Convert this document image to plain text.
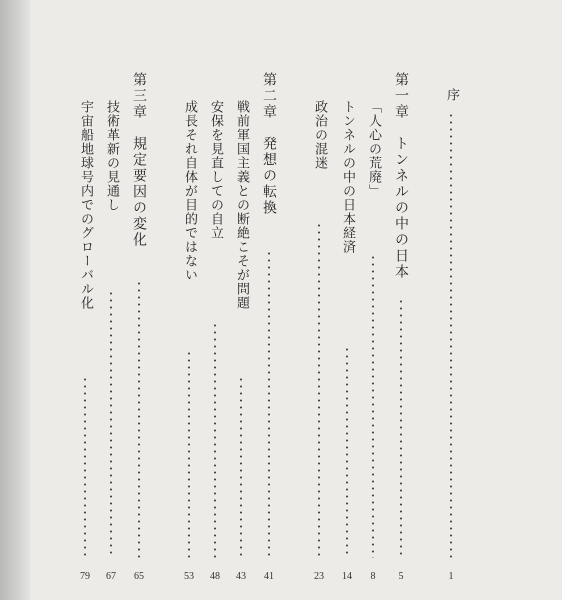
序
1
第一章　トンネルの中の日本
5
「人心の荒廃」
8
トンネルの中の日本経済
14
政治の混迷
23
第二章　発想の転換
41
戦前軍国主義との断絶こそが問題
43
安保を見直しての自立
48
成長それ自体が目的ではない
53
第三章　規定要因の変化
65
技術革新の見通し
67
宇宙船地球号内でのグローバル化
79
